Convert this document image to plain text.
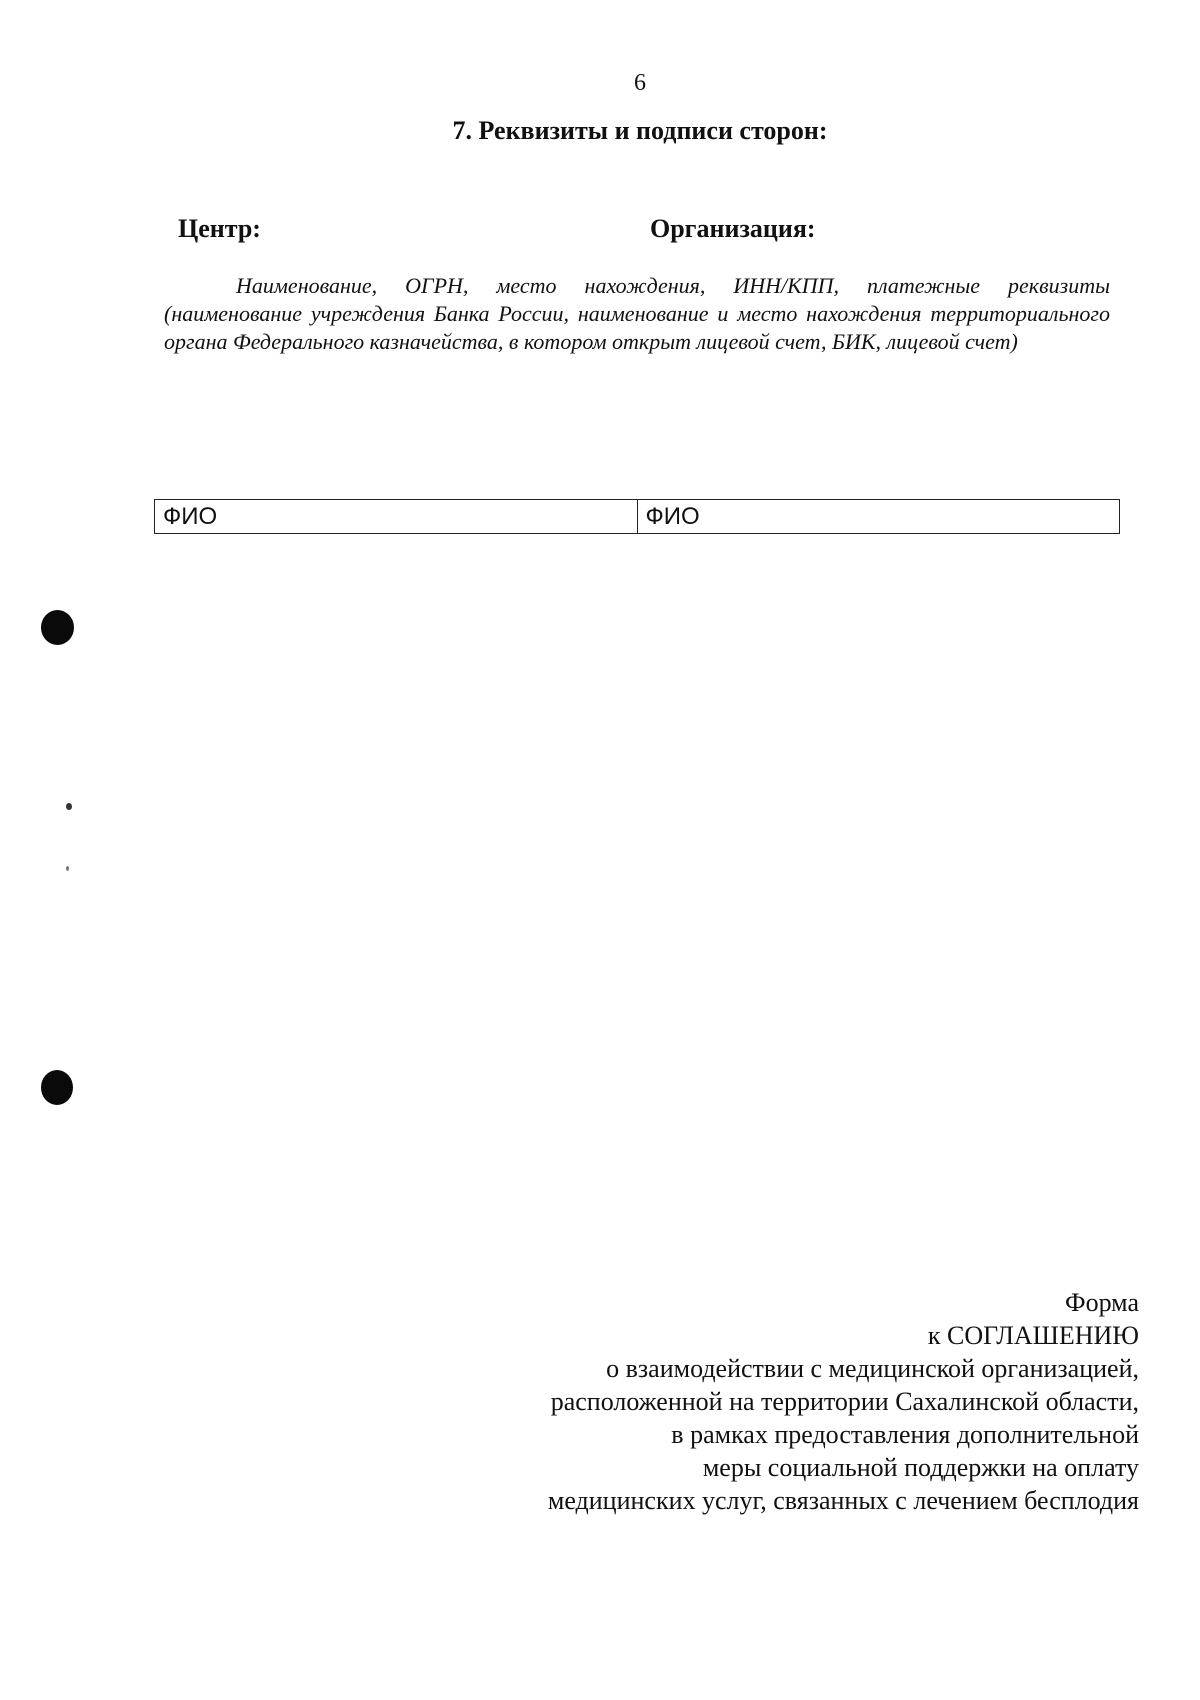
6
7. Реквизиты и подписи сторон:
Центр:	Организация:
Наименование, ОГРН, место нахождения, ИНН/КПП, платежные реквизиты (наименование учреждения Банка России, наименование и место нахождения территориального органа Федерального казначейства, в котором открыт лицевой счет, БИК, лицевой счет)
ФИО	ФИО
Форма
к СОГЛАШЕНИЮ
о взаимодействии с медицинской организацией,
расположенной на территории Сахалинской области,
в рамках предоставления дополнительной
меры социальной поддержки на оплату
медицинских услуг, связанных с лечением бесплодия
